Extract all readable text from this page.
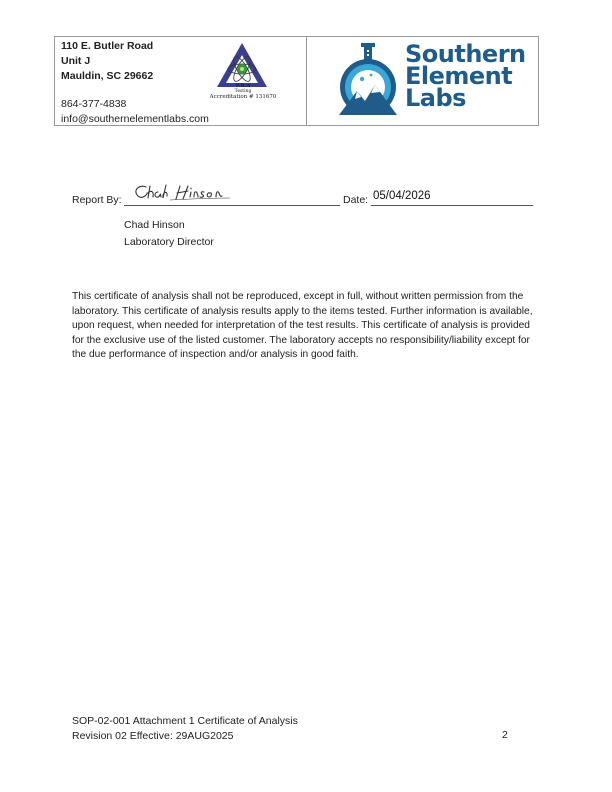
110 E. Butler Road
Unit J
Mauldin, SC 29662
864-377-4838
info@southernelementlabs.com
P.R.A
Testing
Accreditation # 131670
Southern
Element
Labs
Report By:	Date: 05/04/2026
Chad Hinson
Laboratory Director
This certificate of analysis shall not be reproduced, except in full, without written permission from the laboratory. This certificate of analysis results apply to the items tested. Further information is available, upon request, when needed for interpretation of the test results. This certificate of analysis is provided for the exclusive use of the listed customer. The laboratory accepts no responsibility/liability except for the due performance of inspection and/or analysis in good faith.
SOP-02-001 Attachment 1 Certificate of Analysis
Revision 02 Effective: 29AUG2025	2
